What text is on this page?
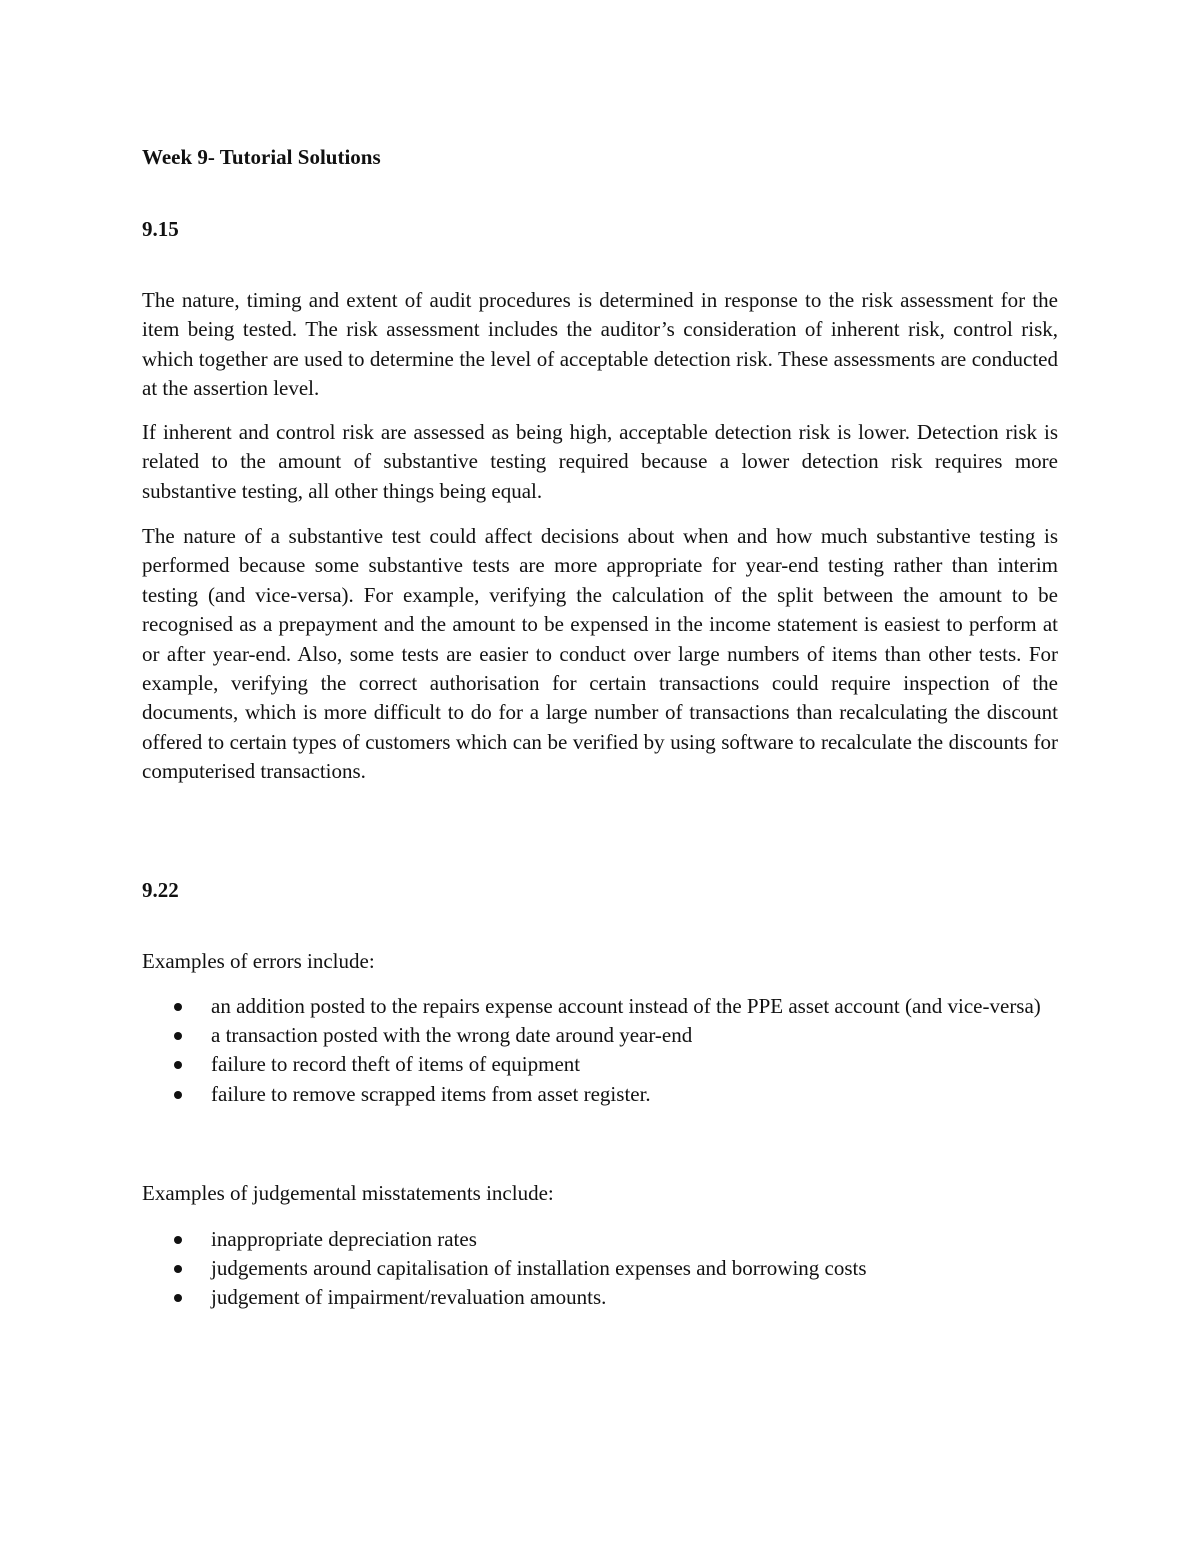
Week 9- Tutorial Solutions

9.15

The nature, timing and extent of audit procedures is determined in response to the risk assessment for the item being tested. The risk assessment includes the auditor’s consideration of inherent risk, control risk, which together are used to determine the level of acceptable detection risk. These assessments are conducted at the assertion level.

If inherent and control risk are assessed as being high, acceptable detection risk is lower. Detection risk is related to the amount of substantive testing required because a lower detection risk requires more substantive testing, all other things being equal.

The nature of a substantive test could affect decisions about when and how much substantive testing is performed because some substantive tests are more appropriate for year-end testing rather than interim testing (and vice-versa). For example, verifying the calculation of the split between the amount to be recognised as a prepayment and the amount to be expensed in the income statement is easiest to perform at or after year-end. Also, some tests are easier to conduct over large numbers of items than other tests. For example, verifying the correct authorisation for certain transactions could require inspection of the documents, which is more difficult to do for a large number of transactions than recalculating the discount offered to certain types of customers which can be verified by using software to recalculate the discounts for computerised transactions.

9.22

Examples of errors include:

an addition posted to the repairs expense account instead of the PPE asset account (and vice-versa)
a transaction posted with the wrong date around year-end
failure to record theft of items of equipment
failure to remove scrapped items from asset register.

Examples of judgemental misstatements include:

inappropriate depreciation rates
judgements around capitalisation of installation expenses and borrowing costs
judgement of impairment/revaluation amounts.
